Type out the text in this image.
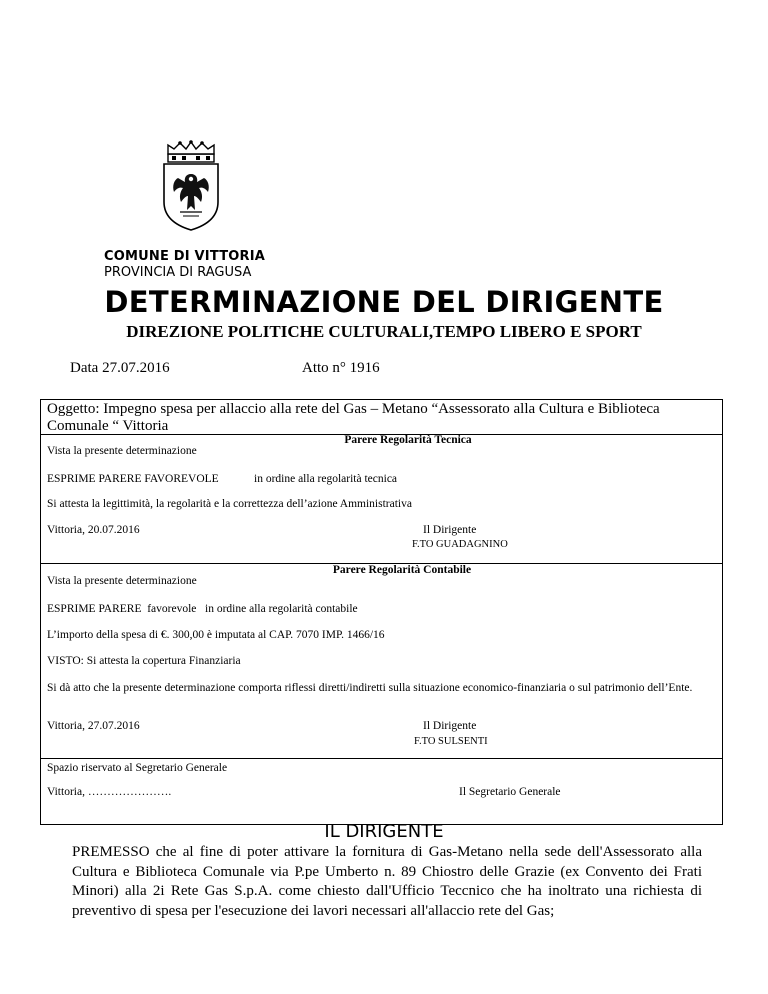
COMUNE DI VITTORIA
PROVINCIA DI RAGUSA
DETERMINAZIONE DEL DIRIGENTE
DIREZIONE POLITICHE CULTURALI,TEMPO LIBERO E SPORT
Data 27.07.2016	Atto n° 1916
Oggetto: Impegno spesa per allaccio alla rete del Gas – Metano “Assessorato alla Cultura e Biblioteca Comunale “ Vittoria
Parere Regolarità Tecnica
Vista la presente determinazione
ESPRIME PARERE FAVOREVOLE	in ordine alla regolarità tecnica
Si attesta la legittimità, la regolarità e la correttezza dell’azione Amministrativa
Vittoria, 20.07.2016	Il Dirigente
F.TO GUADAGNINO
Parere Regolarità Contabile
Vista la presente determinazione
ESPRIME PARERE  favorevole   in ordine alla regolarità contabile
L’importo della spesa di €. 300,00 è imputata al CAP. 7070 IMP. 1466/16
VISTO: Si attesta la copertura Finanziaria
Si dà atto che la presente determinazione comporta riflessi diretti/indiretti sulla situazione economico-finanziaria o sul patrimonio dell’Ente.
Vittoria, 27.07.2016	Il Dirigente
F.TO SULSENTI
Spazio riservato al Segretario Generale
Vittoria, ………………….	Il Segretario Generale
IL DIRIGENTE
PREMESSO che al fine di poter attivare la fornitura di Gas-Metano nella sede dell'Assessorato alla Cultura e Biblioteca Comunale via P.pe Umberto n. 89 Chiostro delle Grazie (ex Convento dei Frati Minori) alla 2i Rete Gas S.p.A. come chiesto dall'Ufficio Teccnico che ha inoltrato una richiesta di preventivo di spesa per l'esecuzione dei lavori necessari all'allaccio rete del Gas;
